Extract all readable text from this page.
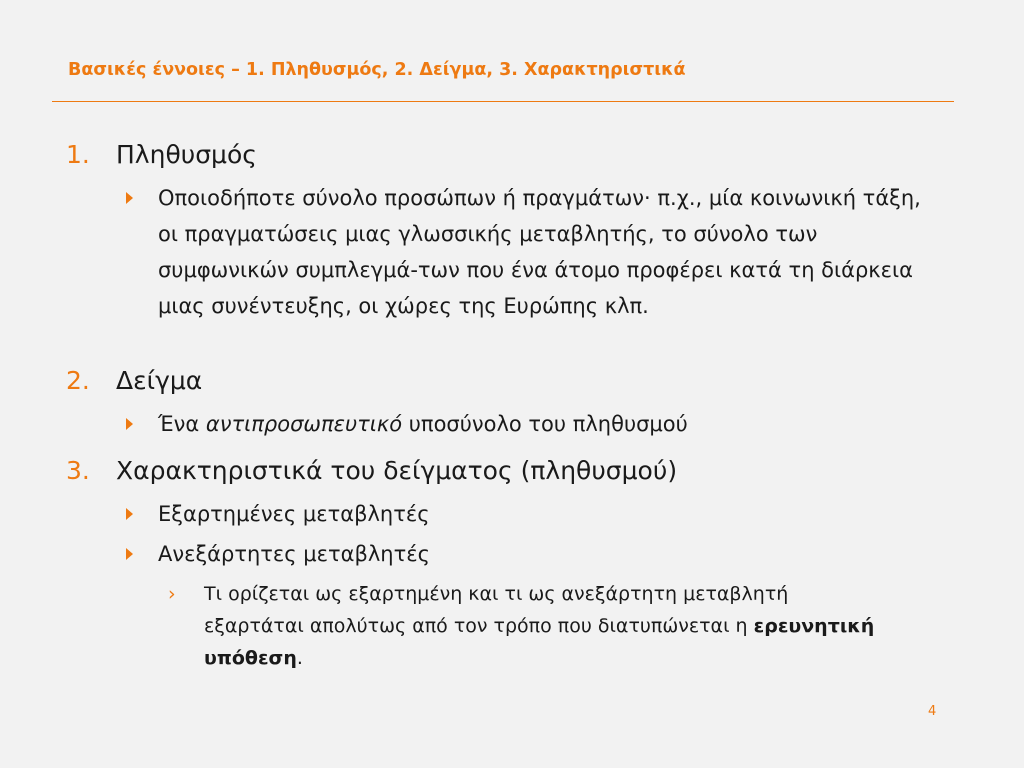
Βασικές έννοιες – 1. Πληθυσμός, 2. Δείγμα, 3. Χαρακτηριστικά
1. Πληθυσμός
Οποιοδήποτε σύνολο προσώπων ή πραγμάτων· π.χ., μία κοινωνική τάξη, οι πραγματώσεις μιας γλωσσικής μεταβλητής, το σύνολο των συμφωνικών συμπλεγμά-των που ένα άτομο προφέρει κατά τη διάρκεια μιας συνέντευξης, οι χώρες της Ευρώπης κλπ.
2. Δείγμα
Ένα αντιπροσωπευτικό υποσύνολο του πληθυσμού
3. Χαρακτηριστικά του δείγματος (πληθυσμού)
Εξαρτημένες μεταβλητές
Ανεξάρτητες μεταβλητές
› Τι ορίζεται ως εξαρτημένη και τι ως ανεξάρτητη μεταβλητή εξαρτάται απολύτως από τον τρόπο που διατυπώνεται η ερευνητική υπόθεση.
4
